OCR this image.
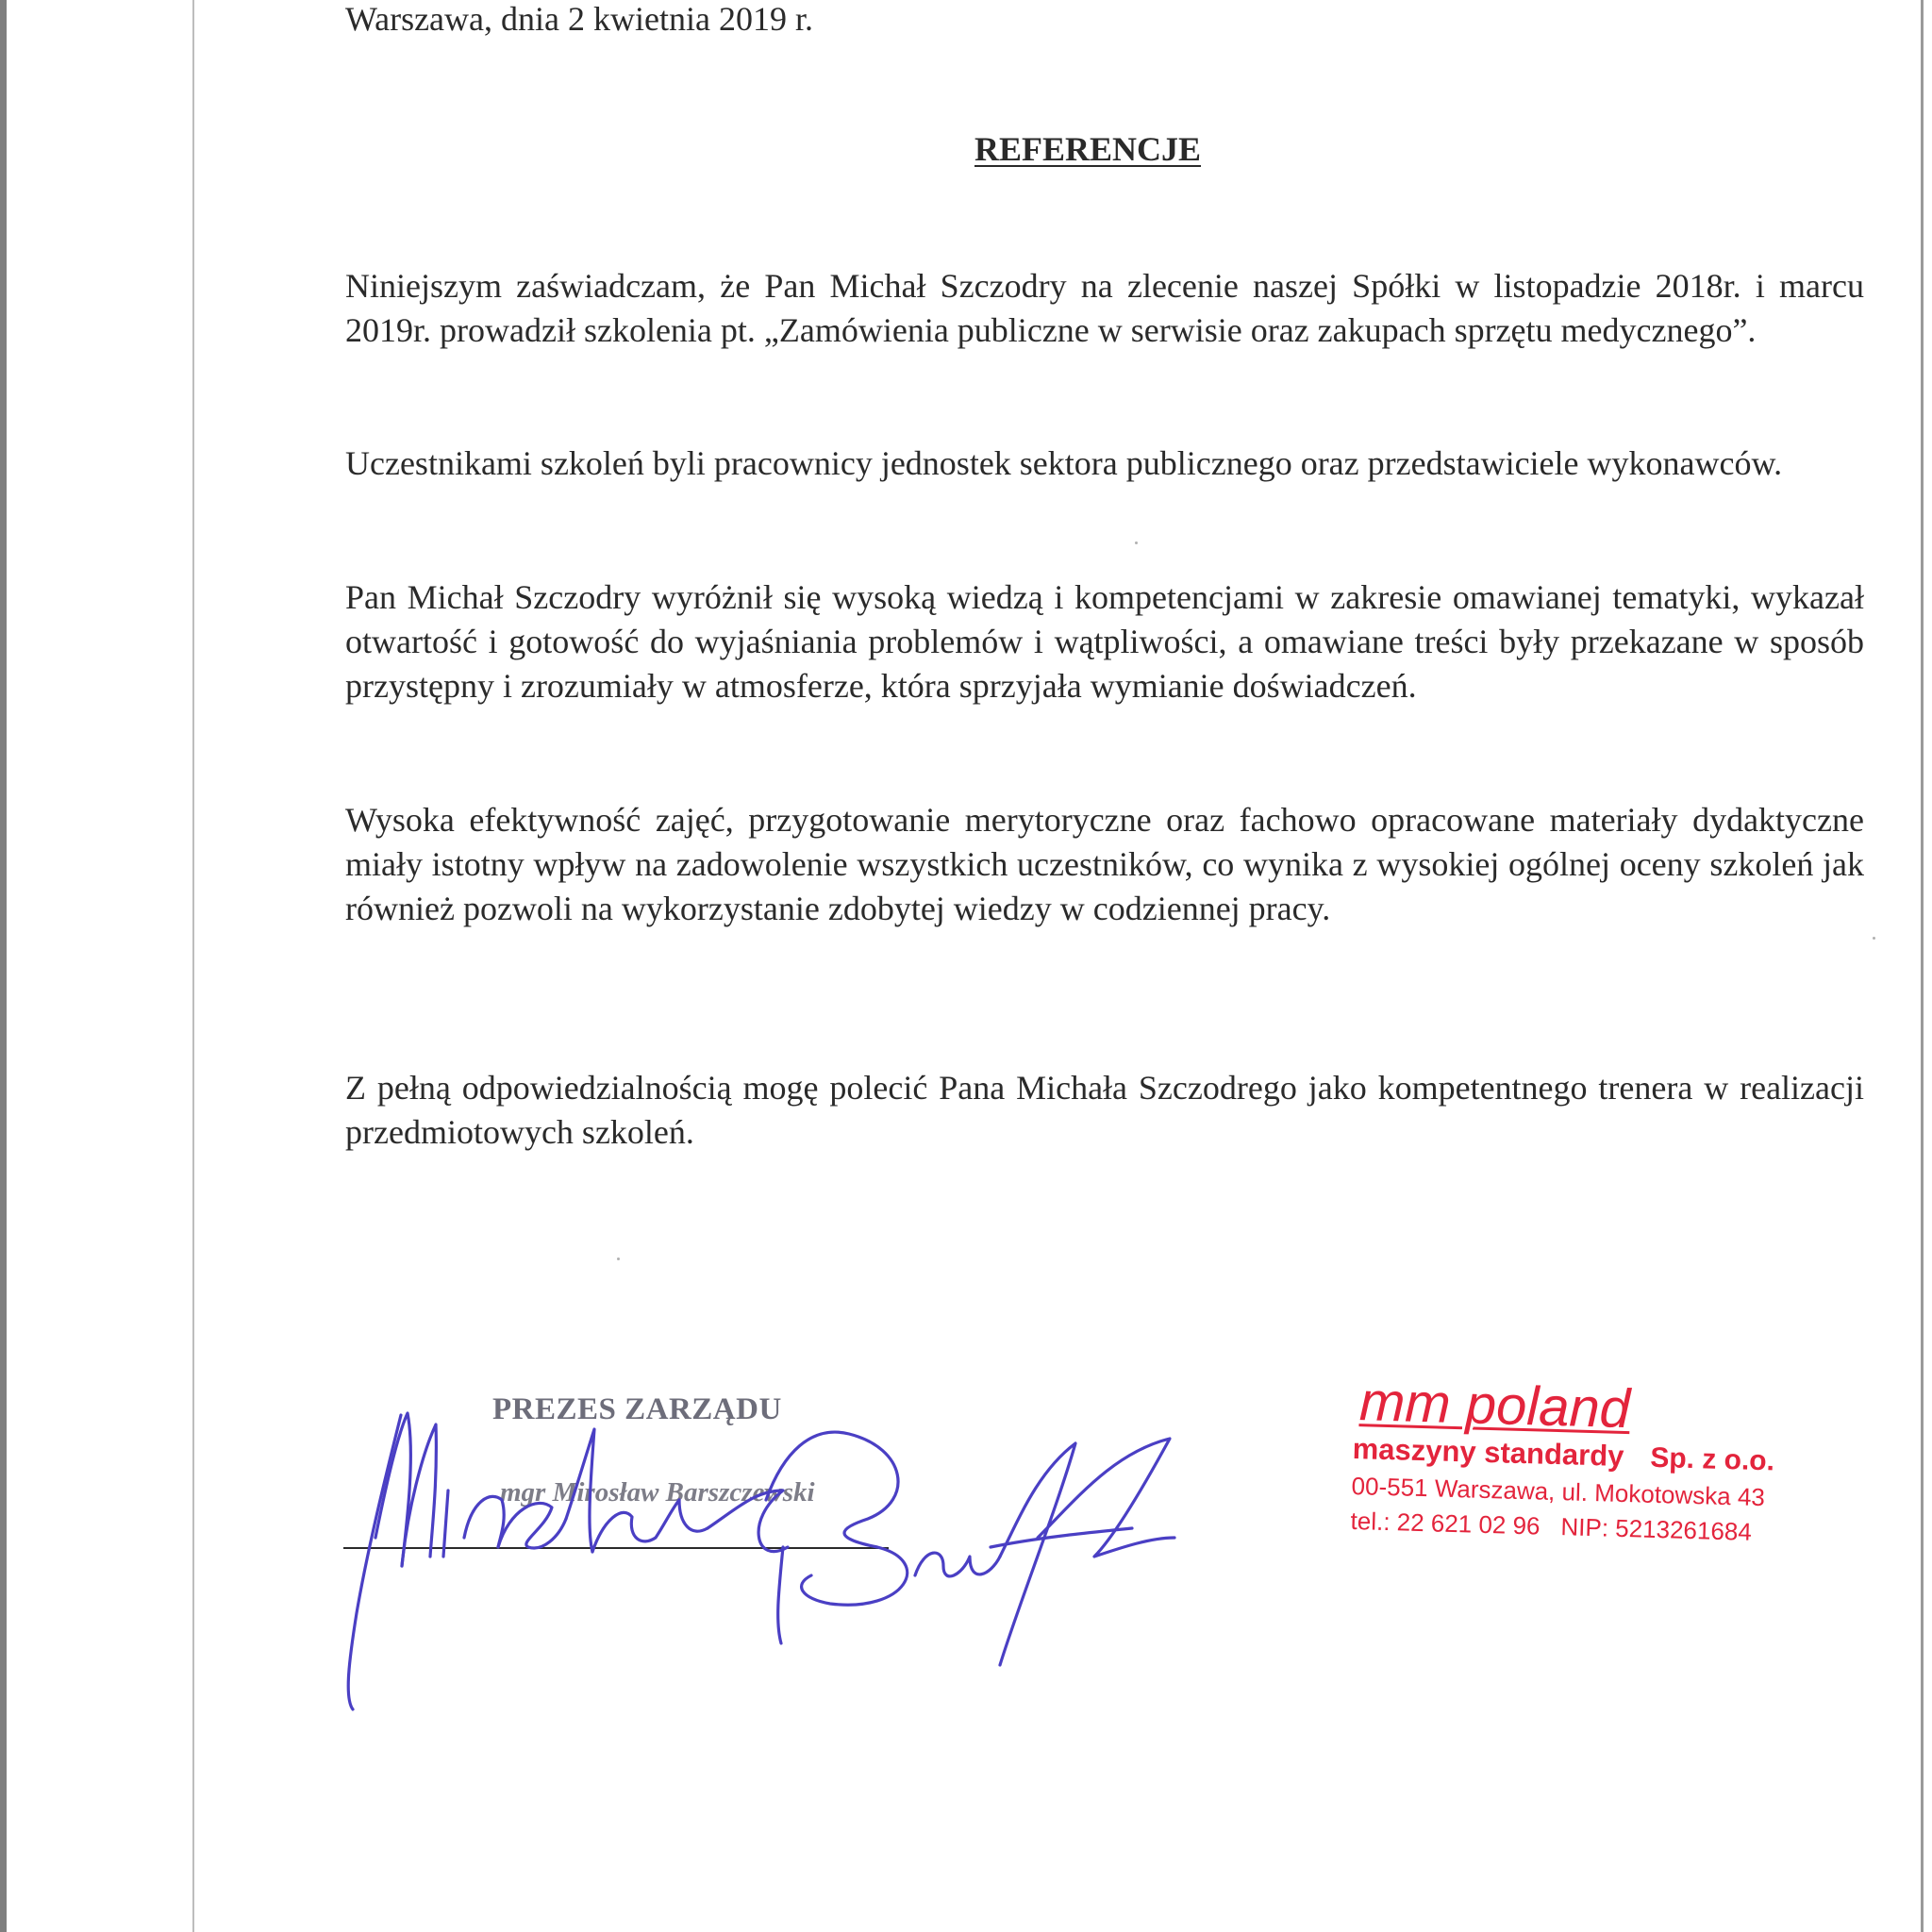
Warszawa, dnia 2 kwietnia 2019 r.
REFERENCJE

Niniejszym zaświadczam, że Pan Michał Szczodry na zlecenie naszej Spółki w listopadzie 2018r. i marcu 2019r. prowadził szkolenia pt. „Zamówienia publiczne w serwisie oraz zakupach sprzętu medycznego”.

Uczestnikami szkoleń byli pracownicy jednostek sektora publicznego oraz przedstawiciele wykonawców.

Pan Michał Szczodry wyróżnił się wysoką wiedzą i kompetencjami w zakresie omawianej tematyki, wykazał otwartość i gotowość do wyjaśniania problemów i wątpliwości, a omawiane treści były przekazane w sposób przystępny i zrozumiały w atmosferze, która sprzyjała wymianie doświadczeń.

Wysoka efektywność zajęć, przygotowanie merytoryczne oraz fachowo opracowane materiały dydaktyczne miały istotny wpływ na zadowolenie wszystkich uczestników, co wynika z wysokiej ogólnej oceny szkoleń jak również pozwoli na wykorzystanie zdobytej wiedzy w codziennej pracy.

Z pełną odpowiedzialnością mogę polecić Pana Michała Szczodrego jako kompetentnego trenera w realizacji przedmiotowych szkoleń.

PREZES ZARZĄDU
mgr Mirosław Barszczewski
mm poland
maszyny standardy Sp. z o.o.
00-551 Warszawa, ul. Mokotowska 43
tel.: 22 621 02 96 NIP: 5213261684
